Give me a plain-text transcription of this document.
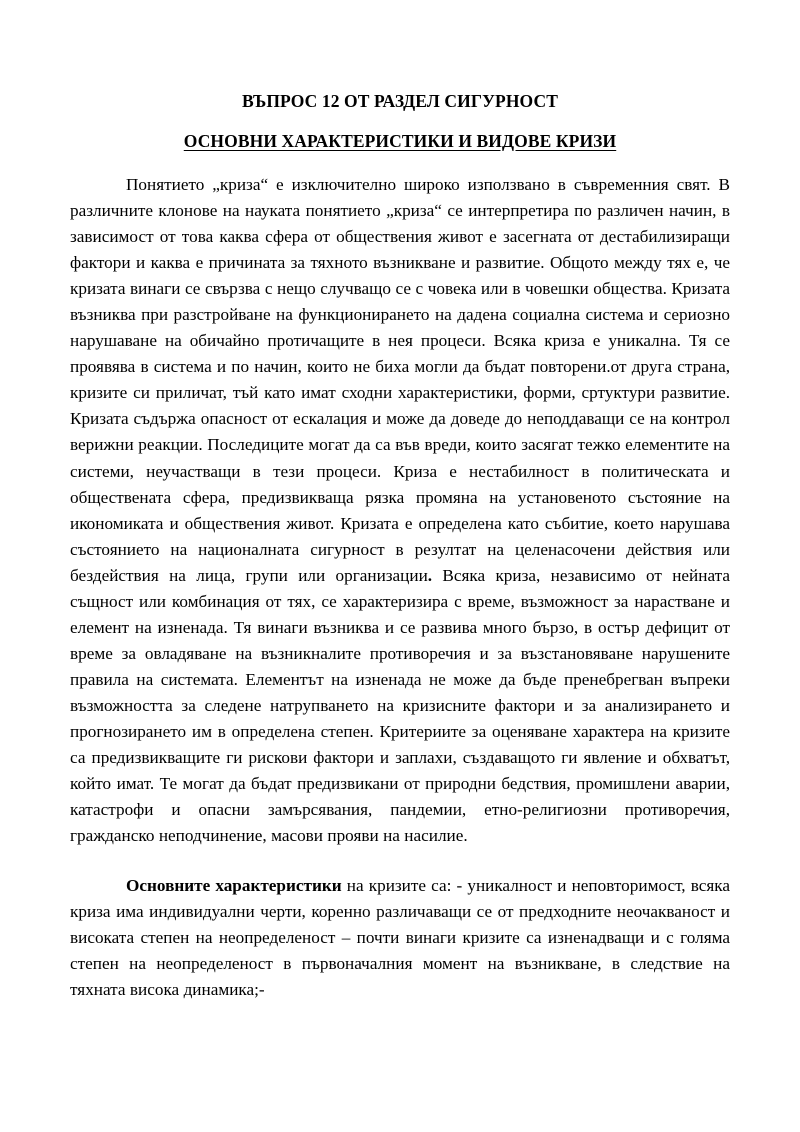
ВЪПРОС 12 ОТ РАЗДЕЛ СИГУРНОСТ
ОСНОВНИ ХАРАКТЕРИСТИКИ И ВИДОВЕ КРИЗИ

Понятието „криза“ е изключително широко използвано в съвременния свят. В различните клонове на науката понятието „криза“ се интерпретира по различен начин, в зависимост от това каква сфера от обществения живот е засегната от дестабилизиращи фактори и каква е причината за тяхното възникване и развитие. Общото между тях е, че кризата винаги се свързва с нещо случващо се с човека или в човешки общества. Кризата възниква при разстройване на функционирането на дадена социална система и сериозно нарушаване на обичайно протичащите в нея процеси. Всяка криза е уникална. Тя се проявява в система и по начин, които не биха могли да бъдат повторени.от друга страна, кризите си приличат, тъй като имат сходни характеристики, форми, сртуктури развитие. Кризата съдържа опасност от ескалация и може да доведе до неподдаващи се на контрол верижни реакции. Последиците могат да са във вреди, които засягат тежко елементите на системи, неучастващи в тези процеси. Криза е нестабилност в политическата и обществената сфера, предизвикваща рязка промяна на установеното състояние на икономиката и обществения живот. Кризата е определена като събитие, което нарушава състоянието на националната сигурност в резултат на целенасочени действия или бездействия на лица, групи или организации. Всяка криза, независимо от нейната същност или комбинация от тях, се характеризира с време, възможност за нарастване и елемент на изненада. Тя винаги възниква и се развива много бързо, в остър дефицит от време за овладяване на възникналите противоречия и за възстановяване нарушените правила на системата. Елементът на изненада не може да бъде пренебрегван въпреки възможността за следене натрупването на кризисните фактори и за анализирането и прогнозирането им в определена степен. Критериите за оценяване характера на кризите са предизвикващите ги рискови фактори и заплахи, създаващото ги явление и обхватът, който имат. Те могат да бъдат предизвикани от природни бедствия, промишлени аварии, катастрофи и опасни замърсявания, пандемии, етно-религиозни противоречия, гражданско неподчинение, масови прояви на насилие.

Основните характеристики на кризите са: - уникалност и неповторимост, всяка криза има индивидуални черти, коренно различаващи се от предходните неочакваност и високата степен на неопределеност – почти винаги кризите са изненадващи и с голяма степен на неопределеност в първоначалния момент на възникване, в следствие на тяхната висока динамика;-
